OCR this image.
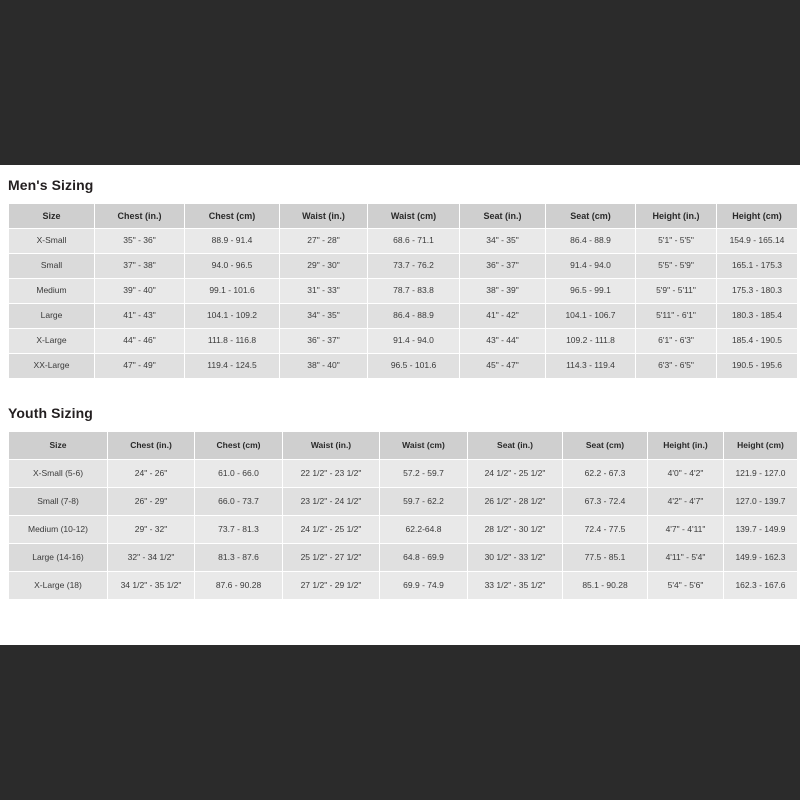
Men's Sizing
Size	Chest (in.)	Chest (cm)	Waist (in.)	Waist (cm)	Seat (in.)	Seat (cm)	Height (in.)	Height (cm)
X-Small	35" - 36"	88.9 - 91.4	27" - 28"	68.6 - 71.1	34" - 35"	86.4 - 88.9	5'1" - 5'5"	154.9 - 165.14
Small	37" - 38"	94.0 - 96.5	29" - 30"	73.7 - 76.2	36" - 37"	91.4 - 94.0	5'5" - 5'9"	165.1 - 175.3
Medium	39" - 40"	99.1 - 101.6	31" - 33"	78.7 - 83.8	38" - 39"	96.5 - 99.1	5'9" - 5'11"	175.3 - 180.3
Large	41" - 43"	104.1 - 109.2	34" - 35"	86.4 - 88.9	41" - 42"	104.1 - 106.7	5'11" - 6'1"	180.3 - 185.4
X-Large	44" - 46"	111.8 - 116.8	36" - 37"	91.4 - 94.0	43" - 44"	109.2 - 111.8	6'1" - 6'3"	185.4 - 190.5
XX-Large	47" - 49"	119.4 - 124.5	38" - 40"	96.5 - 101.6	45" - 47"	114.3 - 119.4	6'3" - 6'5"	190.5 - 195.6
Youth Sizing
Size	Chest (in.)	Chest (cm)	Waist (in.)	Waist (cm)	Seat (in.)	Seat (cm)	Height (in.)	Height (cm)
X-Small (5-6)	24" - 26"	61.0 - 66.0	22 1/2" - 23 1/2"	57.2 - 59.7	24 1/2" - 25 1/2"	62.2 - 67.3	4'0" - 4'2"	121.9 - 127.0
Small (7-8)	26" - 29"	66.0 - 73.7	23 1/2" - 24 1/2"	59.7 - 62.2	26 1/2" - 28 1/2"	67.3 - 72.4	4'2" - 4'7"	127.0 - 139.7
Medium (10-12)	29" - 32"	73.7 - 81.3	24 1/2" - 25 1/2"	62.2-64.8	28 1/2" - 30 1/2"	72.4 - 77.5	4'7" - 4'11"	139.7 - 149.9
Large (14-16)	32" - 34 1/2"	81.3 - 87.6	25 1/2" - 27 1/2"	64.8 - 69.9	30 1/2" - 33 1/2"	77.5 - 85.1	4'11" - 5'4"	149.9 - 162.3
X-Large (18)	34 1/2" - 35 1/2"	87.6 - 90.28	27 1/2" - 29 1/2"	69.9 - 74.9	33 1/2" - 35 1/2"	85.1 - 90.28	5'4" - 5'6"	162.3 - 167.6
